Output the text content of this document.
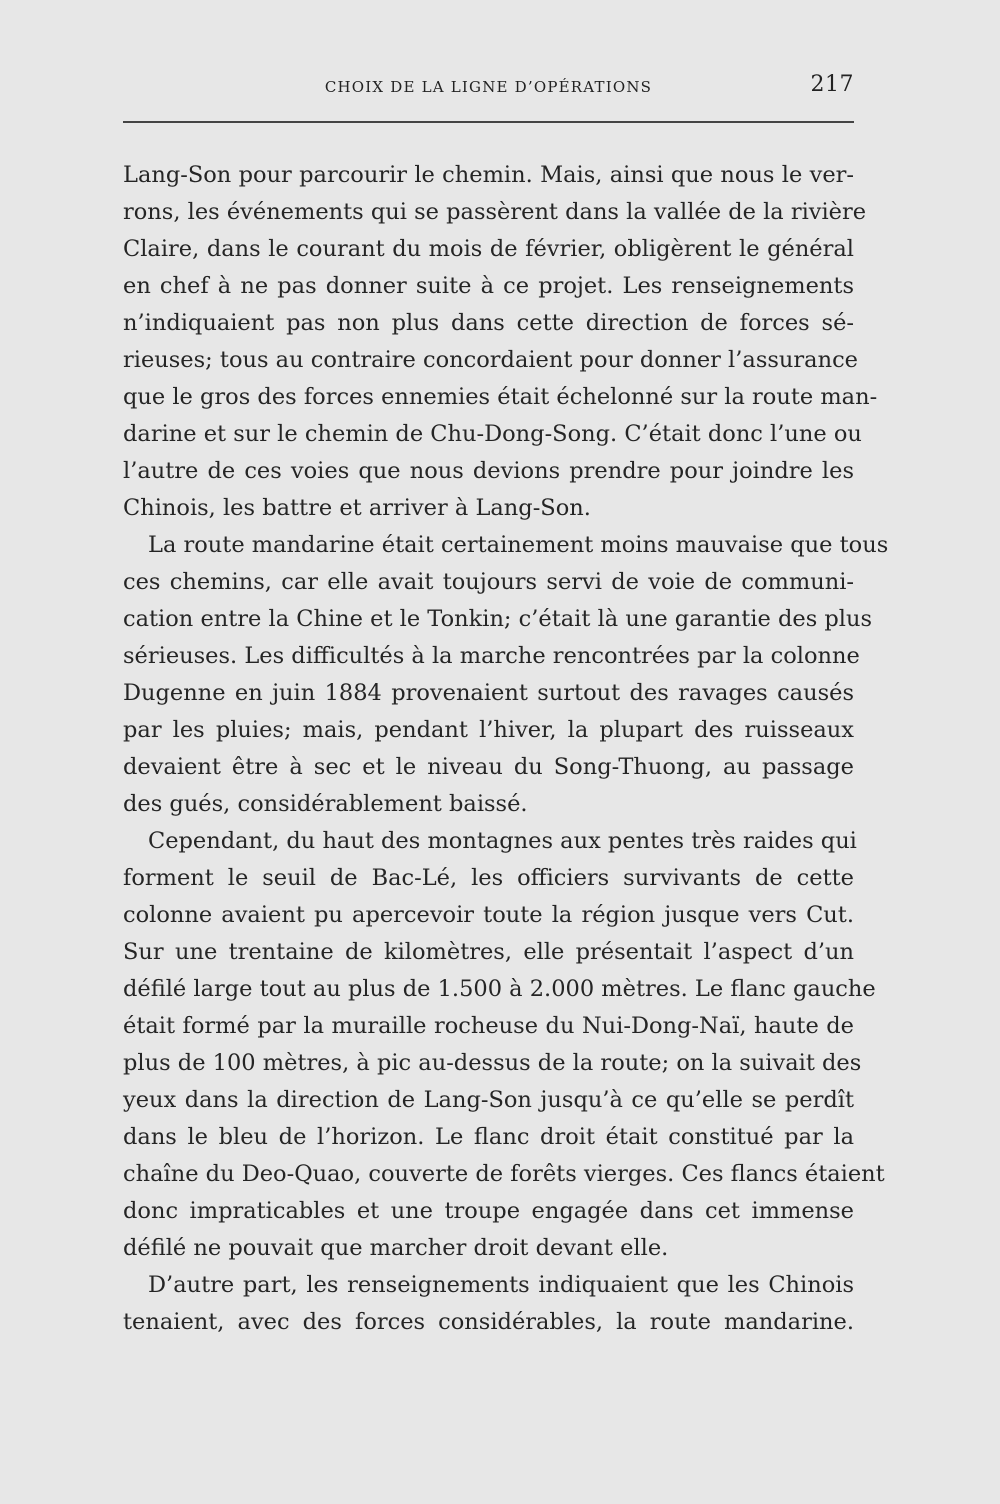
CHOIX DE LA LIGNE D’OPÉRATIONS	217
Lang-Son pour parcourir le chemin. Mais, ainsi que nous le ver-
rons, les événements qui se passèrent dans la vallée de la rivière
Claire, dans le courant du mois de février, obligèrent le général
en chef à ne pas donner suite à ce projet. Les renseignements
n’indiquaient pas non plus dans cette direction de forces sé-
rieuses; tous au contraire concordaient pour donner l’assurance
que le gros des forces ennemies était échelonné sur la route man-
darine et sur le chemin de Chu-Dong-Song. C’était donc l’une ou
l’autre de ces voies que nous devions prendre pour joindre les
Chinois, les battre et arriver à Lang-Son.
La route mandarine était certainement moins mauvaise que tous
ces chemins, car elle avait toujours servi de voie de communi-
cation entre la Chine et le Tonkin; c’était là une garantie des plus
sérieuses. Les difficultés à la marche rencontrées par la colonne
Dugenne en juin 1884 provenaient surtout des ravages causés
par les pluies; mais, pendant l’hiver, la plupart des ruisseaux
devaient être à sec et le niveau du Song-Thuong, au passage
des gués, considérablement baissé.
Cependant, du haut des montagnes aux pentes très raides qui
forment le seuil de Bac-Lé, les officiers survivants de cette
colonne avaient pu apercevoir toute la région jusque vers Cut.
Sur une trentaine de kilomètres, elle présentait l’aspect d’un
défilé large tout au plus de 1.500 à 2.000 mètres. Le flanc gauche
était formé par la muraille rocheuse du Nui-Dong-Naï, haute de
plus de 100 mètres, à pic au-dessus de la route; on la suivait des
yeux dans la direction de Lang-Son jusqu’à ce qu’elle se perdît
dans le bleu de l’horizon. Le flanc droit était constitué par la
chaîne du Deo-Quao, couverte de forêts vierges. Ces flancs étaient
donc impraticables et une troupe engagée dans cet immense
défilé ne pouvait que marcher droit devant elle.
D’autre part, les renseignements indiquaient que les Chinois
tenaient, avec des forces considérables, la route mandarine.
